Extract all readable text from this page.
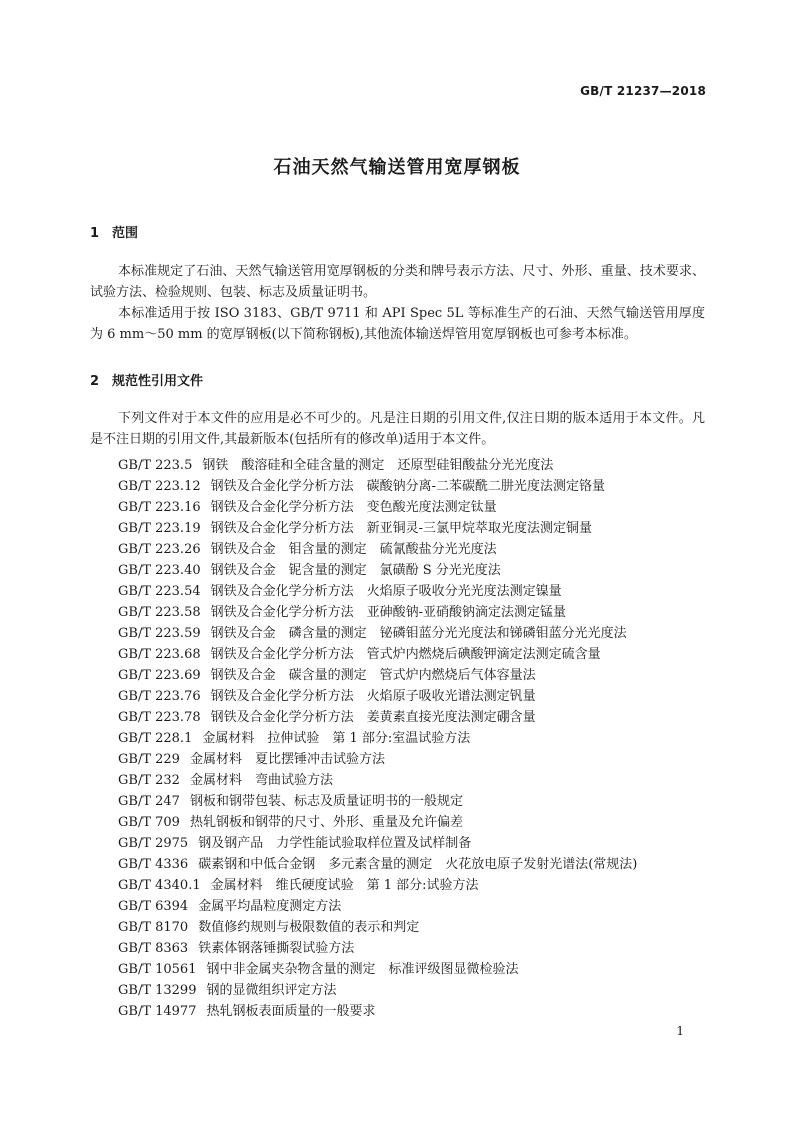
GB/T 21237—2018
石油天然气输送管用宽厚钢板
1 范围
本标准规定了石油、天然气输送管用宽厚钢板的分类和牌号表示方法、尺寸、外形、重量、技术要求、试验方法、检验规则、包装、标志及质量证明书。
本标准适用于按 ISO 3183、GB/T 9711 和 API Spec 5L 等标准生产的石油、天然气输送管用厚度为 6 mm～50 mm 的宽厚钢板(以下简称钢板),其他流体输送焊管用宽厚钢板也可参考本标准。
2 规范性引用文件
下列文件对于本文件的应用是必不可少的。凡是注日期的引用文件,仅注日期的版本适用于本文件。凡是不注日期的引用文件,其最新版本(包括所有的修改单)适用于本文件。
GB/T 223.5 钢铁　酸溶硅和全硅含量的测定　还原型硅钼酸盐分光光度法
GB/T 223.12 钢铁及合金化学分析方法　碳酸钠分离-二苯碳酰二肼光度法测定铬量
GB/T 223.16 钢铁及合金化学分析方法　变色酸光度法测定钛量
GB/T 223.19 钢铁及合金化学分析方法　新亚铜灵-三氯甲烷萃取光度法测定铜量
GB/T 223.26 钢铁及合金　钼含量的测定　硫氰酸盐分光光度法
GB/T 223.40 钢铁及合金　铌含量的测定　氯磺酚 S 分光光度法
GB/T 223.54 钢铁及合金化学分析方法　火焰原子吸收分光光度法测定镍量
GB/T 223.58 钢铁及合金化学分析方法　亚砷酸钠-亚硝酸钠滴定法测定锰量
GB/T 223.59 钢铁及合金　磷含量的测定　铋磷钼蓝分光光度法和锑磷钼蓝分光光度法
GB/T 223.68 钢铁及合金化学分析方法　管式炉内燃烧后碘酸钾滴定法测定硫含量
GB/T 223.69 钢铁及合金　碳含量的测定　管式炉内燃烧后气体容量法
GB/T 223.76 钢铁及合金化学分析方法　火焰原子吸收光谱法测定钒量
GB/T 223.78 钢铁及合金化学分析方法　姜黄素直接光度法测定硼含量
GB/T 228.1 金属材料　拉伸试验　第 1 部分:室温试验方法
GB/T 229 金属材料　夏比摆锤冲击试验方法
GB/T 232 金属材料　弯曲试验方法
GB/T 247 钢板和钢带包装、标志及质量证明书的一般规定
GB/T 709 热轧钢板和钢带的尺寸、外形、重量及允许偏差
GB/T 2975 钢及钢产品　力学性能试验取样位置及试样制备
GB/T 4336 碳素钢和中低合金钢　多元素含量的测定　火花放电原子发射光谱法(常规法)
GB/T 4340.1 金属材料　维氏硬度试验　第 1 部分:试验方法
GB/T 6394 金属平均晶粒度测定方法
GB/T 8170 数值修约规则与极限数值的表示和判定
GB/T 8363 铁素体钢落锤撕裂试验方法
GB/T 10561 钢中非金属夹杂物含量的测定　标准评级图显微检验法
GB/T 13299 钢的显微组织评定方法
GB/T 14977 热轧钢板表面质量的一般要求
1
